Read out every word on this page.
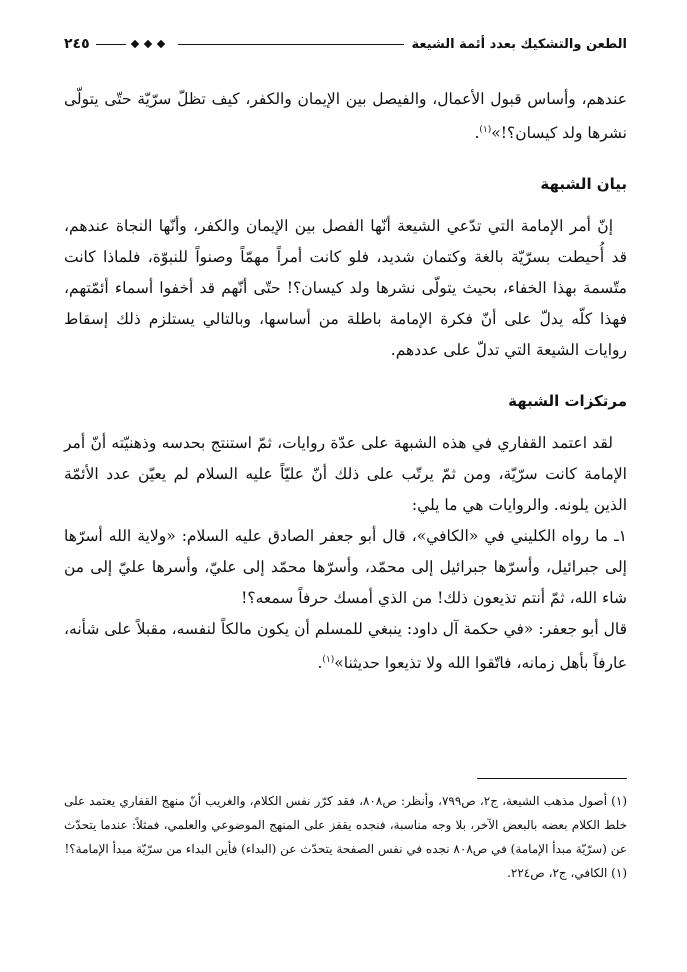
الطعن والتشكيك بعدد أئمة الشيعة
٢٤٥

عندهم، وأساس قبول الأعمال، والفيصل بين الإيمان والكفر، كيف تظلّ سرّيّة حتّى يتولّى نشرها ولد كيسان؟!»$^{(١)}$.

بيان الشبهة

إنّ أمر الإمامة التي تدّعي الشيعة أنّها الفصل بين الإيمان والكفر، وأنّها النجاة عندهم، قد أُحيطت بسرّيّة بالغة وكتمان شديد، فلو كانت أمراً مهمّاً وصنواً للنبوّة، فلماذا كانت متّسمة بهذا الخفاء، بحيث يتولّى نشرها ولد كيسان؟! حتّى أنّهم قد أخفوا أسماء أئمّتهم، فهذا كلّه يدلّ على أنّ فكرة الإمامة باطلة من أساسها، وبالتالي يستلزم ذلك إسقاط روايات الشيعة التي تدلّ على عددهم.

مرتكزات الشبهة

لقد اعتمد القفاري في هذه الشبهة على عدّة روايات، ثمّ استنتج بحدسه وذهنيّته أنّ أمر الإمامة كانت سرّيّة، ومن ثمّ يرتّب على ذلك أنّ عليّاً عليه السلام لم يعيّن عدد الأئمّة الذين يلونه. والروايات هي ما يلي:

١ـ ما رواه الكليني في «الكافي»، قال أبو جعفر الصادق عليه السلام: «ولاية الله أسرّها إلى جبرائيل، وأسرّها جبرائيل إلى محمّد، وأسرّها محمّد إلى عليّ، وأسرها عليّ إلى من شاء الله، ثمّ أنتم تذيعون ذلك! من الذي أمسك حرفاً سمعه؟!

قال أبو جعفر: «في حكمة آل داود: ينبغي للمسلم أن يكون مالكاً لنفسه، مقبلاً على شأنه، عارفاً بأهل زمانه، فاتّقوا الله ولا تذيعوا حديثنا»$^{(١)}$.

(١) أصول مذهب الشيعة، ج٢، ص٧٩٩، وأنظر: ص٨٠٨، فقد كرّر نفس الكلام، والغريب أنّ منهج القفاري يعتمد على خلط الكلام بعضه بالبعض الآخر، بلا وجه مناسبة، فنجده يقفز على المنهج الموضوعي والعلمي، فمثلاً: عندما يتحدّث عن (سرّيّة مبدأ الإمامة) في ص٨٠٨ نجده في نفس الصفحة يتحدّث عن (البداء) فأين البداء من سرّيّة مبدأ الإمامة؟!

(١) الكافي، ج٢، ص٢٢٤.
